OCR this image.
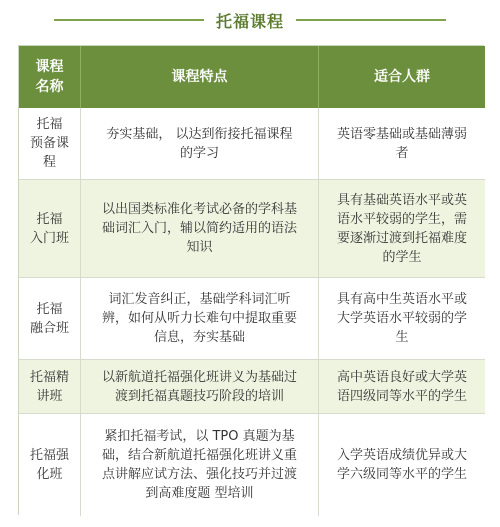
托福课程
课程
名称
课程特点	适合人群
托福
预备课
程
夯实基础， 以达到衔接托福课程
的学习
英语零基础或基础薄弱
者
托福
入门班
以出国类标准化考试必备的学科基
础词汇入门，辅以简约适用的语法
知识
具有基础英语水平或英
语水平较弱的学生，需
要逐渐过渡到托福难度
的学生
托福
融合班
词汇发音纠正，基础学科词汇听
辨，如何从听力长难句中提取重要
信息，夯实基础
具有高中生英语水平或
大学英语水平较弱的学
生
托福精
讲班
以新航道托福强化班讲义为基础过
渡到托福真题技巧阶段的培训
高中英语良好或大学英
语四级同等水平的学生
托福强
化班
紧扣托福考试，以 TPO 真题为基
础，结合新航道托福强化班讲义重
点讲解应试方法、强化技巧并过渡
到高难度题 型培训
入学英语成绩优异或大
学六级同等水平的学生
